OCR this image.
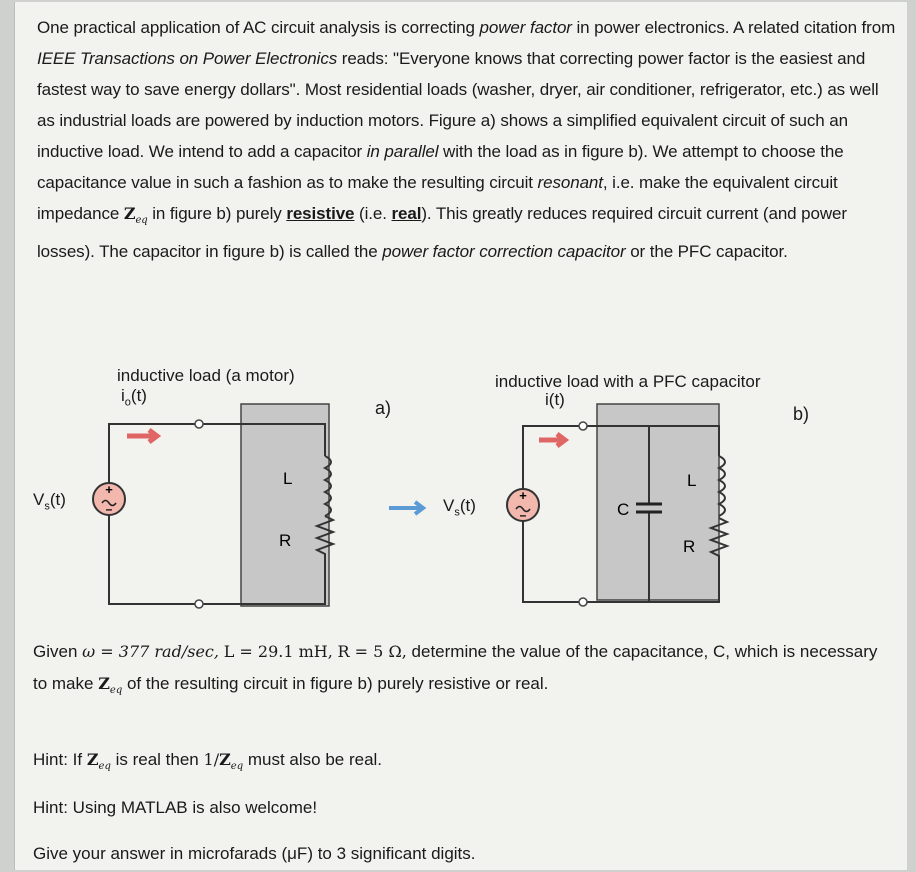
One practical application of AC circuit analysis is correcting power factor in power electronics. A related citation from IEEE Transactions on Power Electronics reads: "Everyone knows that correcting power factor is the easiest and fastest way to save energy dollars". Most residential loads (washer, dryer, air conditioner, refrigerator, etc.) as well as industrial loads are powered by induction motors. Figure a) shows a simplified equivalent circuit of such an inductive load. We intend to add a capacitor in parallel with the load as in figure b). We attempt to choose the capacitance value in such a fashion as to make the resulting circuit resonant, i.e. make the equivalent circuit impedance $Z_{eq}$ in figure b) purely resistive (i.e. real). This greatly reduces required circuit current (and power losses). The capacitor in figure b) is called the power factor correction capacitor or the PFC capacitor.

inductive load (a motor)
$i_o(t)$
a)
inductive load with a PFC capacitor
i(t)
b)
$V_s(t)$	$V_s(t)$
+
–
L
R
+
–	C
L
R

Given ω = 377 rad/sec, L = 29.1 mH, R = 5 Ω, determine the value of the capacitance, C, which is necessary to make $Z_{eq}$ of the resulting circuit in figure b) purely resistive or real.

Hint: If $Z_{eq}$ is real then $1/Z_{eq}$ must also be real.
Hint: Using MATLAB is also welcome!
Give your answer in microfarads (μF) to 3 significant digits.
